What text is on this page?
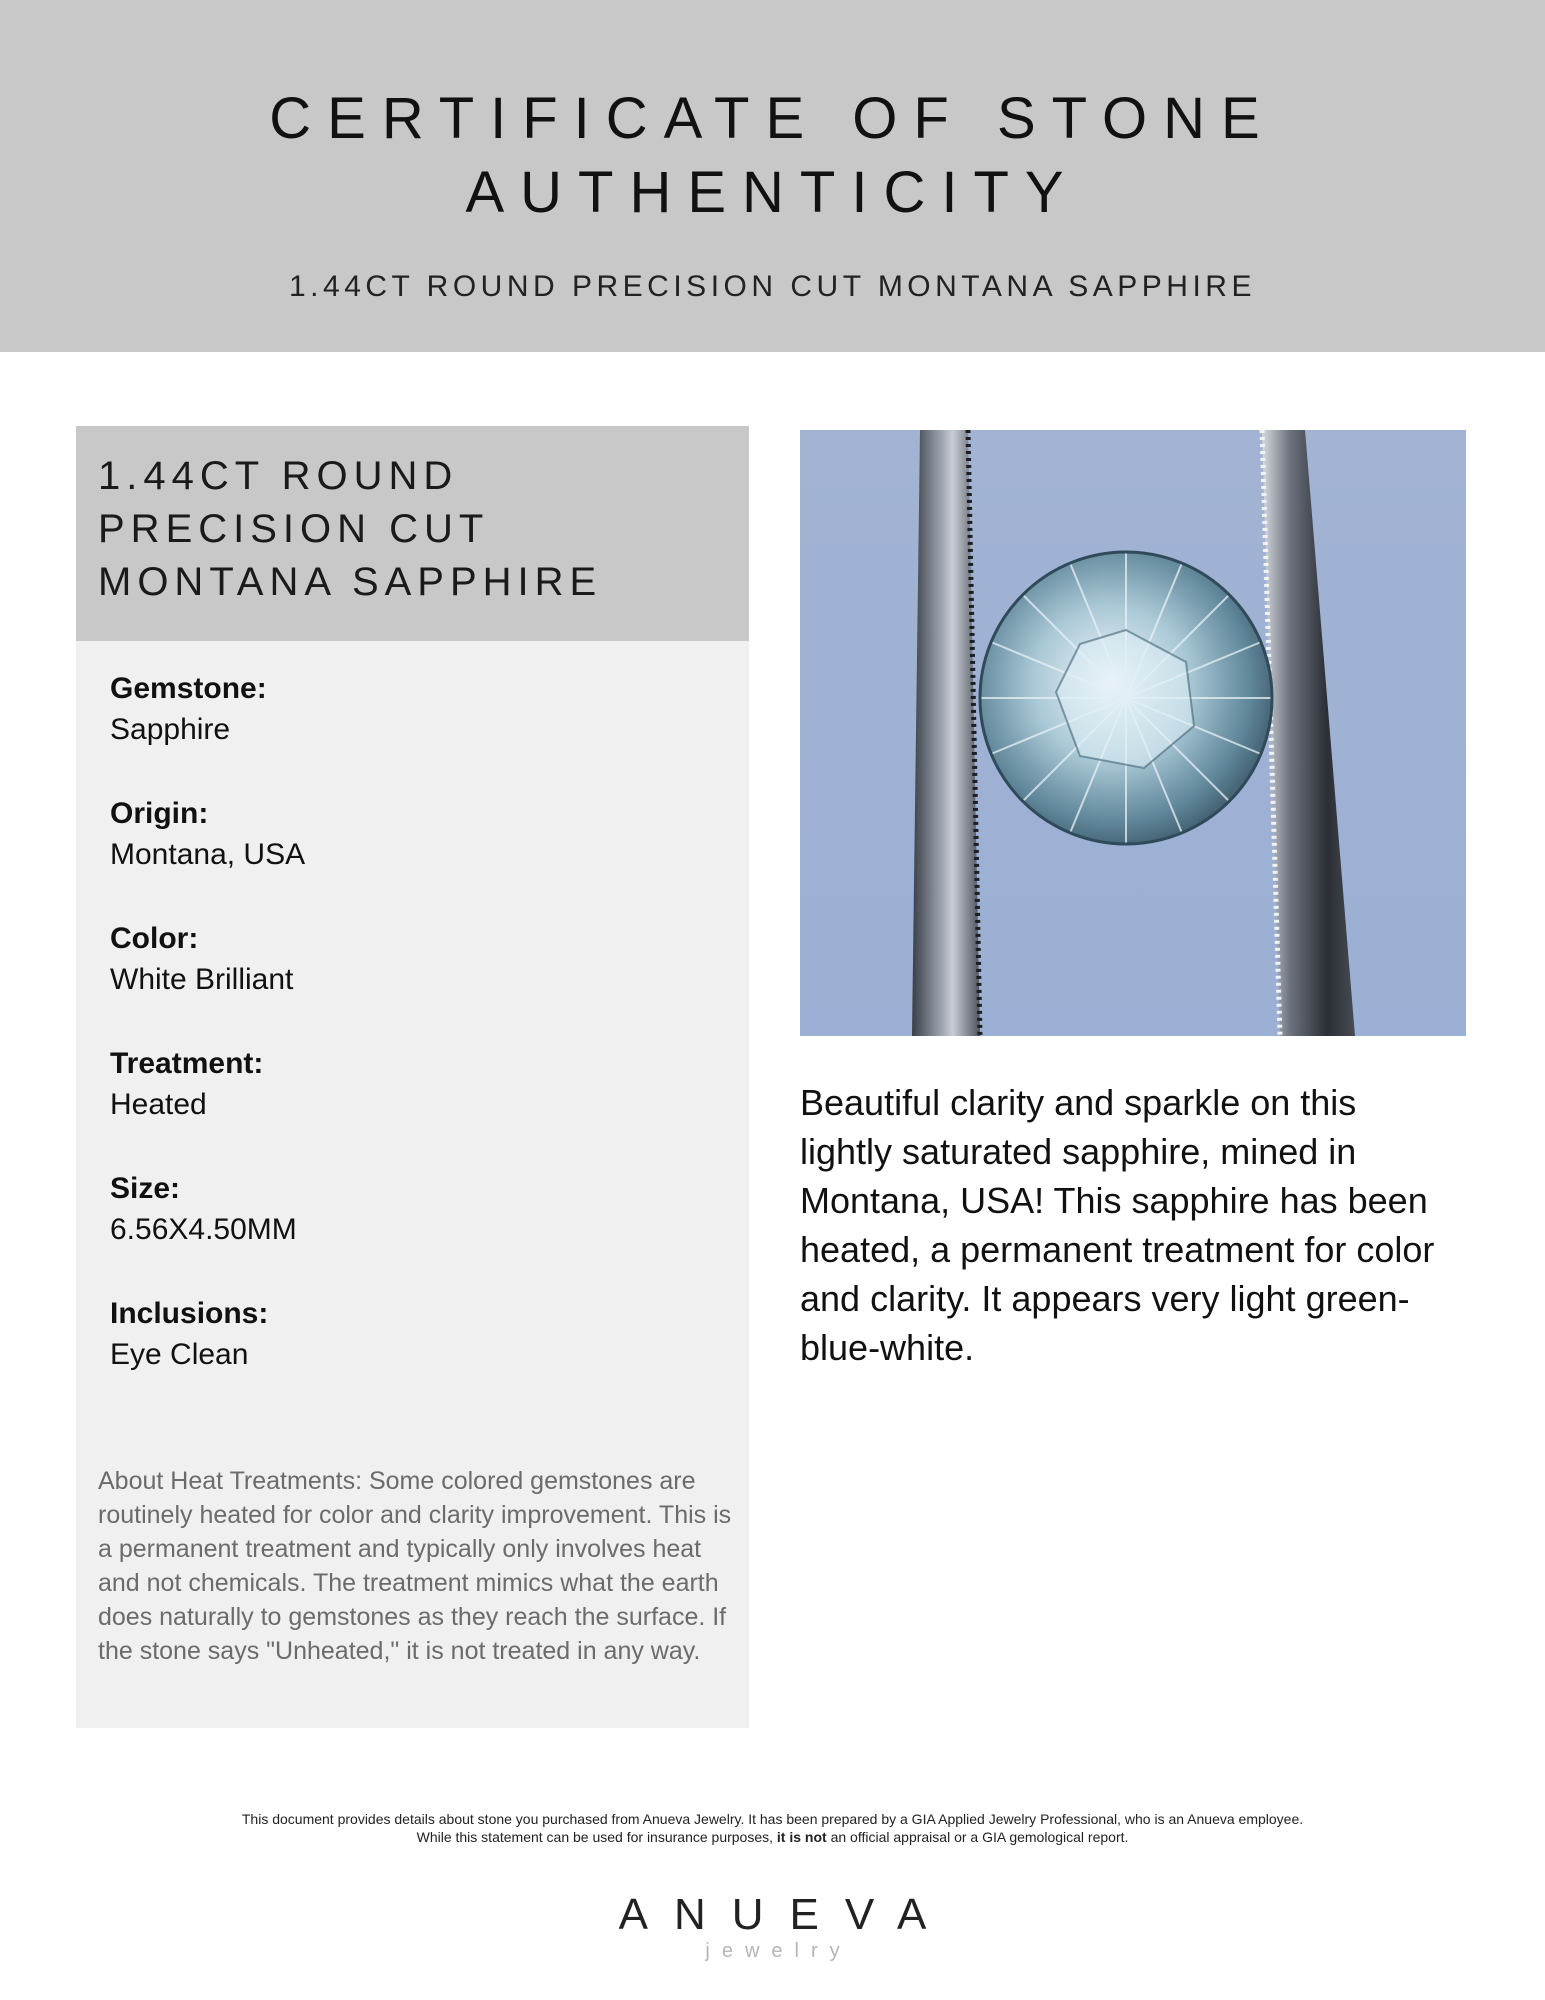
CERTIFICATE OF STONE
AUTHENTICITY
1.44CT ROUND PRECISION CUT MONTANA SAPPHIRE
1.44CT ROUND
PRECISION CUT
MONTANA SAPPHIRE
Gemstone:
Sapphire
Origin:
Montana, USA
Color:
White Brilliant
Treatment:
Heated
Size:
6.56X4.50MM
Inclusions:
Eye Clean
About Heat Treatments: Some colored gemstones are routinely heated for color and clarity improvement. This is a permanent treatment and typically only involves heat and not chemicals. The treatment mimics what the earth does naturally to gemstones as they reach the surface. If the stone says "Unheated," it is not treated in any way.
Beautiful clarity and sparkle on this lightly saturated sapphire, mined in Montana, USA! This sapphire has been heated, a permanent treatment for color and clarity. It appears very light green-blue-white.
This document provides details about stone you purchased from Anueva Jewelry. It has been prepared by a GIA Applied Jewelry Professional, who is an Anueva employee.
While this statement can be used for insurance purposes, it is not an official appraisal or a GIA gemological report.
ANUEVA
jewelry
